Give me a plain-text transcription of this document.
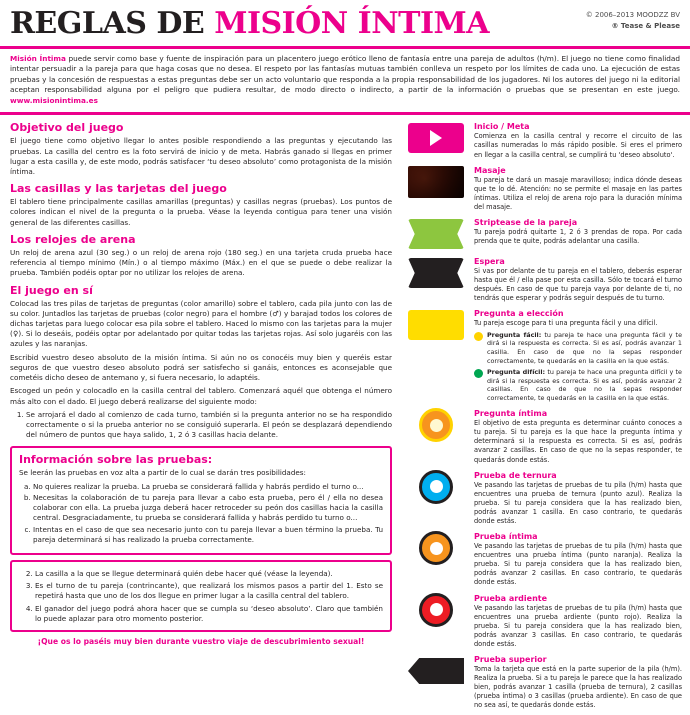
REGLAS DE MISIÓN ÍNTIMA	© 2006–2013 MOODZZ BV
® Tease & Please
Misión Íntima puede servir como base y fuente de inspiración para un placentero juego erótico lleno de fantasía entre una pareja de adultos (h/m). El juego no tiene como finalidad intentar persuadir a la pareja para que haga cosas que no desea. El respeto por las fantasías mutuas también conlleva un respeto por los límites de cada uno. La ejecución de estas pruebas y la concesión de respuestas a estas preguntas debe ser un acto voluntario que responda a la propia responsabilidad de los jugadores. Ni los autores del juego ni la editorial aceptan responsabilidad alguna por el peligro que pudiera resultar, de modo directo o indirecto, a partir de la información o pruebas que se presentan en este juego. www.misionintima.es
Objetivo del juego

El juego tiene como objetivo llegar lo antes posible respondiendo a las preguntas y ejecutando las pruebas. La casilla del centro es la foto servirá de inicio y de meta. Habrás ganado si llegas en primer lugar a esta casilla y, de este modo, podrás satisfacer ‘tu deseo absoluto’ como protagonista de la misión íntima.

Las casillas y las tarjetas del juego

El tablero tiene principalmente casillas amarillas (preguntas) y casillas negras (pruebas). Los puntos de colores indican el nivel de la pregunta o la prueba. Véase la leyenda contigua para tener una visión general de las diferentes casillas.

Los relojes de arena

Un reloj de arena azul (30 seg.) o un reloj de arena rojo (180 seg.) en una tarjeta cruda prueba hace referencia al tiempo mínimo (Mín.) o al tiempo máximo (Máx.) en el que se puede o debe realizar la prueba. También podéis optar por no utilizar los relojes de arena.

El juego en sí

Colocad las tres pilas de tarjetas de preguntas (color amarillo) sobre el tablero, cada pila junto con las de su color. Juntadlos las tarjetas de pruebas (color negro) para el hombre (♂) y barajad todos los colores de dichas tarjetas para luego colocar esa pila sobre el tablero. Haced lo mismo con las tarjetas para la mujer (♀). Si lo deseáis, podéis optar por adelantado por quitar todas las tarjetas rojas. Así solo jugaréis con las azules y las naranjas.

Escribid vuestro deseo absoluto de la misión íntima. Si aún no os conocéis muy bien y queréis estar seguros de que vuestro deseo absoluto podrá ser satisfecho si ganáis, entonces es aconsejable que cometéis dicho deseo de antemano y, si fuera necesario, lo adaptéis.

Escoged un peón y colocadlo en la casilla central del tablero. Comenzará aquél que obtenga el número más alto con el dado. El juego deberá realizarse del siguiente modo:

1. Se arrojará el dado al comienzo de cada turno, también si la pregunta anterior no se ha respondido correctamente o si la prueba anterior no se consiguió superarla. El peón se desplazará dependiendo del número de puntos que haya salido, 1, 2 ó 3 casillas hacia delante.
Información sobre las pruebas:

Se leerán las pruebas en voz alta a partir de lo cual se darán tres posibilidades:

a. No quieres realizar la prueba. La prueba se considerará fallida y habrás perdido el turno o...
b. Necesitas la colaboración de tu pareja para llevar a cabo esta prueba, pero él / ella no desea colaborar con ella. La prueba juzga deberá hacer retroceder su peón dos casillas hacia la casilla central. Desgraciadamente, tu prueba se considerará fallida y habrás perdido tu turno o...
c. Intentas en el caso de que sea necesario junto con tu pareja llevar a buen término la prueba. Tu pareja determinará si has realizado la prueba correctamente.
2. La casilla a la que se llegue determinará quién debe hacer qué (véase la leyenda).
3. Es el turno de tu pareja (contrincante), que realizará los mismos pasos a partir del 1. Esto se repetirá hasta que uno de los dos llegue en primer lugar a la casilla central del tablero.
4. El ganador del juego podrá ahora hacer que se cumpla su ‘deseo absoluto’. Claro que también lo puede aplazar para otro momento posterior.
¡Que os lo paséis muy bien durante vuestro viaje de descubrimiento sexual!
Inicio / Meta
Comienza en la casilla central y recorre el circuito de las casillas numeradas lo más rápido posible. Si eres el primero en llegar a la casilla central, se cumplirá tu 'deseo absoluto'.
Masaje
Tu pareja te dará un masaje maravilloso; indica dónde deseas que te lo dé. Atención: no se permite el masaje en las partes íntimas. Utiliza el reloj de arena rojo para la duración mínima del masaje.
Striptease de la pareja
Tu pareja podrá quitarte 1, 2 ó 3 prendas de ropa. Por cada prenda que te quite, podrás adelantar una casilla.
Espera
Si vas por delante de tu pareja en el tablero, deberás esperar hasta que él / ella pase por esta casilla. Sólo te tocará el turno después. En caso de que tu pareja vaya por delante de ti, no tendrás que esperar y podrás seguir después de tu turno.
Pregunta a elección
Tu pareja escoge para ti una pregunta fácil y una difícil.
Pregunta fácil: tu pareja te hace una pregunta fácil y te dirá si la respuesta es correcta. Si es así, podrás avanzar 1 casilla. En caso de que no la sepas responder correctamente, te quedarás en la casilla en la que estás.
Pregunta difícil: tu pareja te hace una pregunta difícil y te dirá si la respuesta es correcta. Si es así, podrás avanzar 2 casillas. En caso de que no la sepas responder correctamente, te quedarás en la casilla en la que estás.
Pregunta íntima
El objetivo de esta pregunta es determinar cuánto conoces a tu pareja. Si tu pareja es la que hace la pregunta íntima y determinará si la respuesta es correcta. Si es así, podrás avanzar 2 casillas. En caso de que no la sepas responder, te quedarás donde estás.
Prueba de ternura
Ve pasando las tarjetas de pruebas de tu pila (h/m) hasta que encuentres una prueba de ternura (punto azul). Realiza la prueba. Si tu pareja considera que la has realizado bien, podrás avanzar 1 casilla. En caso contrario, te quedarás donde estás.
Prueba íntima
Ve pasando las tarjetas de pruebas de tu pila (h/m) hasta que encuentres una prueba íntima (punto naranja). Realiza la prueba. Si tu pareja considera que la has realizado bien, podrás avanzar 2 casillas. En caso contrario, te quedarás donde estás.
Prueba ardiente
Ve pasando las tarjetas de pruebas de tu pila (h/m) hasta que encuentres una prueba ardiente (punto rojo). Realiza la prueba. Si tu pareja considera que la has realizado bien, podrás avanzar 3 casillas. En caso contrario, te quedarás donde estás.
Prueba superior
Toma la tarjeta que está en la parte superior de la pila (h/m). Realiza la prueba. Si a tu pareja le parece que la has realizado bien, podrás avanzar 1 casilla (prueba de ternura), 2 casillas (prueba íntima) o 3 casillas (prueba ardiente). En caso de que no sea así, te quedarás donde estás.
